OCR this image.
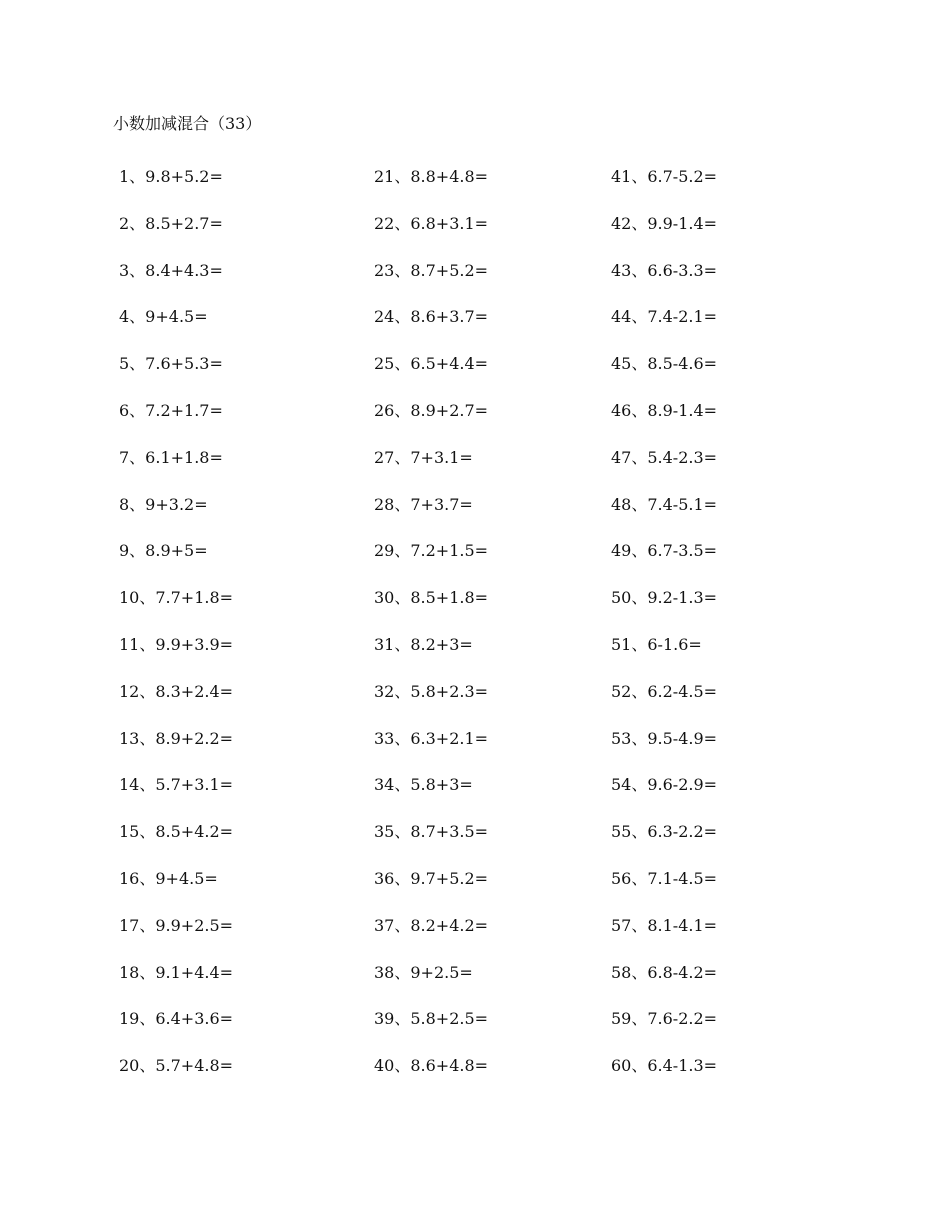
小数加减混合（33）
1、9.8+5.2=
2、8.5+2.7=
3、8.4+4.3=
4、9+4.5=
5、7.6+5.3=
6、7.2+1.7=
7、6.1+1.8=
8、9+3.2=
9、8.9+5=
10、7.7+1.8=
11、9.9+3.9=
12、8.3+2.4=
13、8.9+2.2=
14、5.7+3.1=
15、8.5+4.2=
16、9+4.5=
17、9.9+2.5=
18、9.1+4.4=
19、6.4+3.6=
20、5.7+4.8=
21、8.8+4.8=
22、6.8+3.1=
23、8.7+5.2=
24、8.6+3.7=
25、6.5+4.4=
26、8.9+2.7=
27、7+3.1=
28、7+3.7=
29、7.2+1.5=
30、8.5+1.8=
31、8.2+3=
32、5.8+2.3=
33、6.3+2.1=
34、5.8+3=
35、8.7+3.5=
36、9.7+5.2=
37、8.2+4.2=
38、9+2.5=
39、5.8+2.5=
40、8.6+4.8=
41、6.7-5.2=
42、9.9-1.4=
43、6.6-3.3=
44、7.4-2.1=
45、8.5-4.6=
46、8.9-1.4=
47、5.4-2.3=
48、7.4-5.1=
49、6.7-3.5=
50、9.2-1.3=
51、6-1.6=
52、6.2-4.5=
53、9.5-4.9=
54、9.6-2.9=
55、6.3-2.2=
56、7.1-4.5=
57、8.1-4.1=
58、6.8-4.2=
59、7.6-2.2=
60、6.4-1.3=
